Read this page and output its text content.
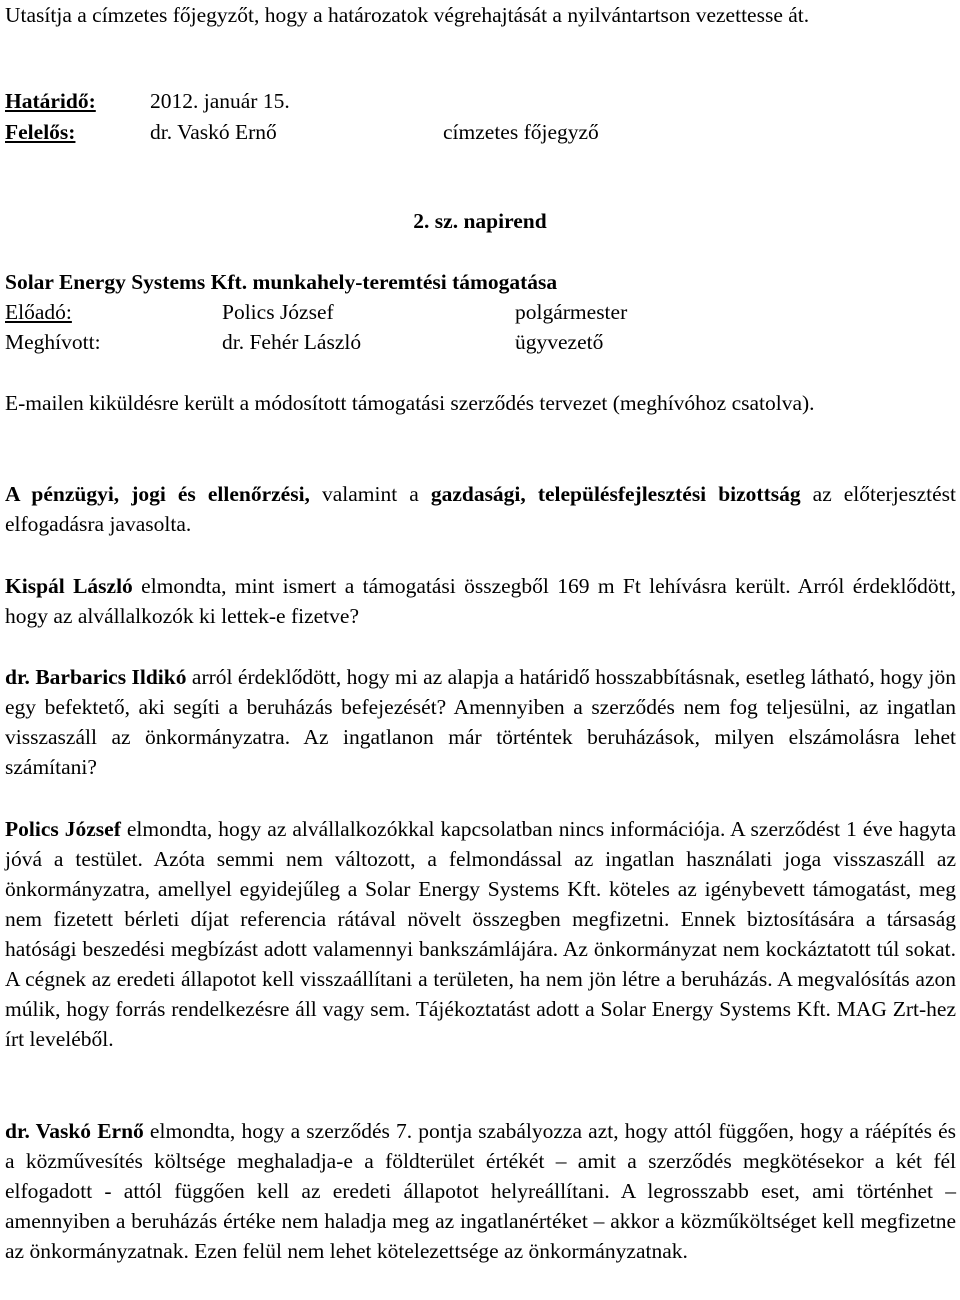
Utasítja a címzetes főjegyzőt, hogy a határozatok végrehajtását a nyilvántartson vezettesse át.

Határidő:	2012. január 15.
Felelős:	dr. Vaskó Ernő	címzetes főjegyző
2. sz. napirend
Solar Energy Systems Kft. munkahely-teremtési támogatása
Előadó:	Polics József	polgármester
Meghívott:	dr. Fehér László	ügyvezető

E-mailen kiküldésre került a módosított támogatási szerződés tervezet (meghívóhoz csatolva).

A pénzügyi, jogi és ellenőrzési, valamint a gazdasági, településfejlesztési bizottság az előterjesztést elfogadásra javasolta.

Kispál László elmondta, mint ismert a támogatási összegből 169 m Ft lehívásra került. Arról érdeklődött, hogy az alvállalkozók ki lettek-e fizetve?

dr. Barbarics Ildikó arról érdeklődött, hogy mi az alapja a határidő hosszabbításnak, esetleg látható, hogy jön egy befektető, aki segíti a beruházás befejezését? Amennyiben a szerződés nem fog teljesülni, az ingatlan visszaszáll az önkormányzatra. Az ingatlanon már történtek beruházások, milyen elszámolásra lehet számítani?

Polics József elmondta, hogy az alvállalkozókkal kapcsolatban nincs információja. A szerződést 1 éve hagyta jóvá a testület. Azóta semmi nem változott, a felmondással az ingatlan használati joga visszaszáll az önkormányzatra, amellyel egyidejűleg a Solar Energy Systems Kft. köteles az igénybevett támogatást, meg nem fizetett bérleti díjat referencia rátával növelt összegben megfizetni. Ennek biztosítására a társaság hatósági beszedési megbízást adott valamennyi bankszámlájára. Az önkormányzat nem kockáztatott túl sokat. A cégnek az eredeti állapotot kell visszaállítani a területen, ha nem jön létre a beruházás. A megvalósítás azon múlik, hogy forrás rendelkezésre áll vagy sem. Tájékoztatást adott a Solar Energy Systems Kft. MAG Zrt-hez írt leveléből.

dr. Vaskó Ernő elmondta, hogy a szerződés 7. pontja szabályozza azt, hogy attól függően, hogy a ráépítés és a közművesítés költsége meghaladja-e a földterület értékét – amit a szerződés megkötésekor a két fél elfogadott - attól függően kell az eredeti állapotot helyreállítani. A legrosszabb eset, ami történhet – amennyiben a beruházás értéke nem haladja meg az ingatlanértéket – akkor a közműköltséget kell megfizetne az önkormányzatnak. Ezen felül nem lehet kötelezettsége az önkormányzatnak.
